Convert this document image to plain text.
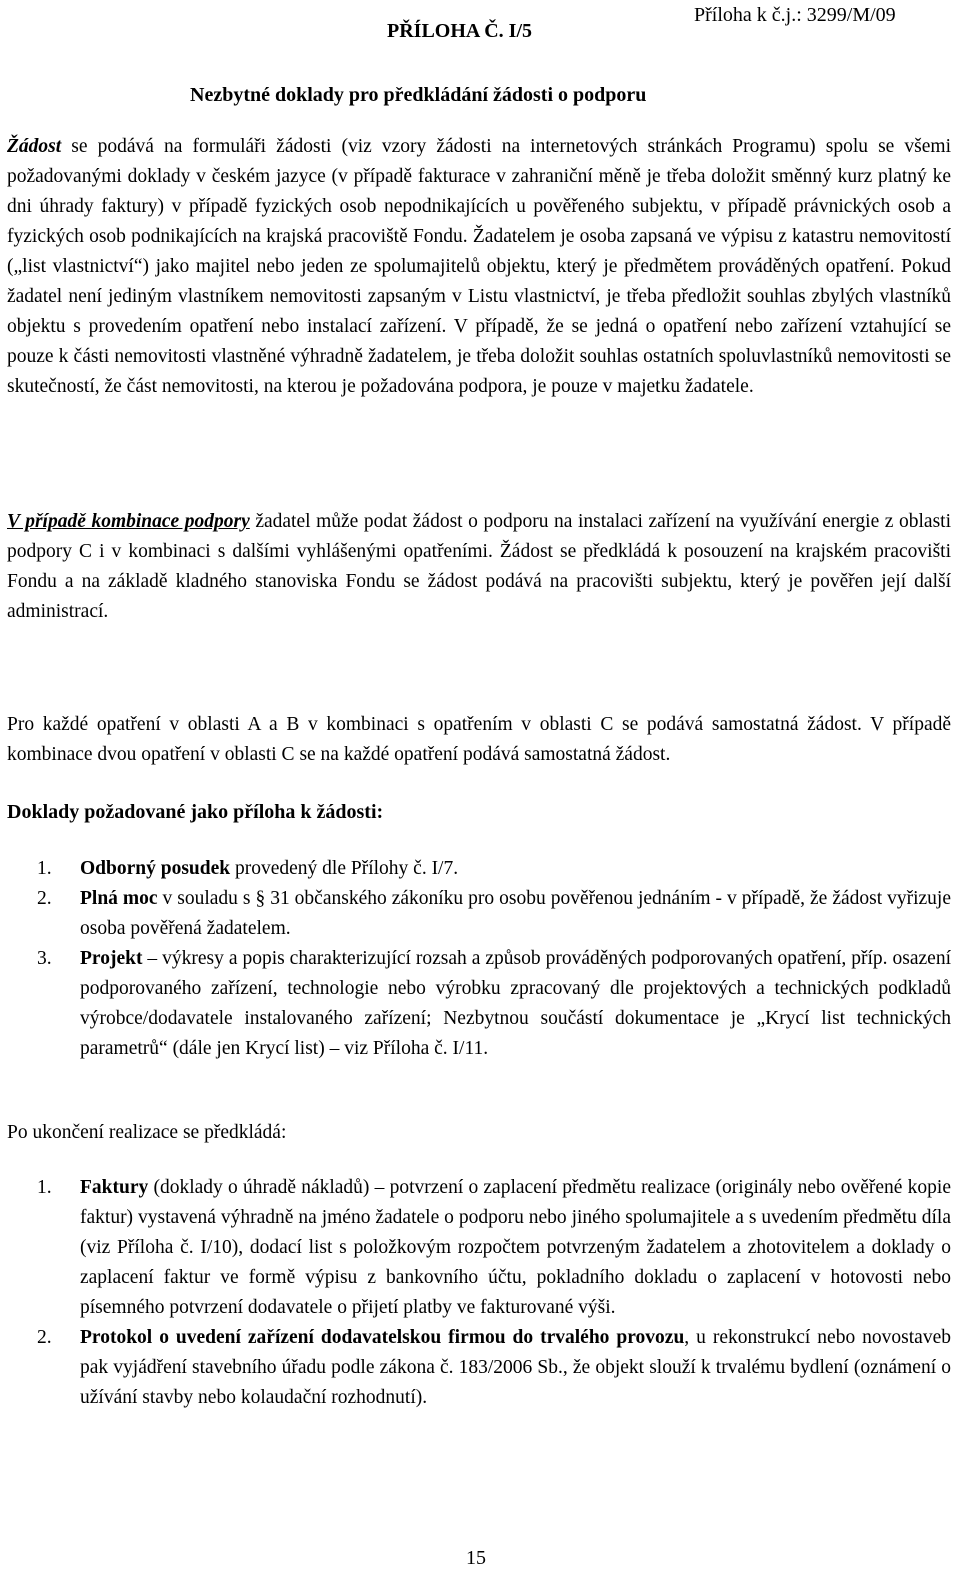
PŘÍLOHA Č. I/5
Příloha k č.j.: 3299/M/09
Nezbytné doklady pro předkládání žádosti o podporu
Žádost se podává na formuláři žádosti (viz vzory žádosti na internetových stránkách Programu) spolu se všemi požadovanými doklady v českém jazyce (v případě fakturace v zahraniční měně je třeba doložit směnný kurz platný ke dni úhrady faktury) v případě fyzických osob nepodnikajících u pověřeného subjektu, v případě právnických osob a fyzických osob podnikajících na krajská pracoviště Fondu. Žadatelem je osoba zapsaná ve výpisu z katastru nemovitostí („list vlastnictví“) jako majitel nebo jeden ze spolumajitelů objektu, který je předmětem prováděných opatření. Pokud žadatel není jediným vlastníkem nemovitosti zapsaným v Listu vlastnictví, je třeba předložit souhlas zbylých vlastníků objektu s provedením opatření nebo instalací zařízení. V případě, že se jedná o opatření nebo zařízení vztahující se pouze k části nemovitosti vlastněné výhradně žadatelem, je třeba doložit souhlas ostatních spoluvlastníků nemovitosti se skutečností, že část nemovitosti, na kterou je požadována podpora, je pouze v majetku žadatele.
V případě kombinace podpory žadatel může podat žádost o podporu na instalaci zařízení na využívání energie z oblasti podpory C i v kombinaci s dalšími vyhlášenými opatřeními. Žádost se předkládá k posouzení na krajském pracovišti Fondu a na základě kladného stanoviska Fondu se žádost podává na pracovišti subjektu, který je pověřen její další administrací.
Pro každé opatření v oblasti A a B v kombinaci s opatřením v oblasti C se podává samostatná žádost. V případě kombinace dvou opatření v oblasti C se na každé opatření podává samostatná žádost.
Doklady požadované jako příloha k žádosti:
1. Odborný posudek provedený dle Přílohy č. I/7.
2. Plná moc v souladu s § 31 občanského zákoníku pro osobu pověřenou jednáním - v případě, že žádost vyřizuje osoba pověřená žadatelem.
3. Projekt – výkresy a popis charakterizující rozsah a způsob prováděných podporovaných opatření, příp. osazení podporovaného zařízení, technologie nebo výrobku zpracovaný dle projektových a technických podkladů výrobce/dodavatele instalovaného zařízení; Nezbytnou součástí dokumentace je „Krycí list technických parametrů“ (dále jen Krycí list) – viz Příloha č. I/11.
Po ukončení realizace se předkládá:
1. Faktury (doklady o úhradě nákladů) – potvrzení o zaplacení předmětu realizace (originály nebo ověřené kopie faktur) vystavená výhradně na jméno žadatele o podporu nebo jiného spolumajitele a s uvedením předmětu díla (viz Příloha č. I/10), dodací list s položkovým rozpočtem potvrzeným žadatelem a zhotovitelem a doklady o zaplacení faktur ve formě výpisu z bankovního účtu, pokladního dokladu o zaplacení v hotovosti nebo písemného potvrzení dodavatele o přijetí platby ve fakturované výši.
2. Protokol o uvedení zařízení dodavatelskou firmou do trvalého provozu, u rekonstrukcí nebo novostaveb pak vyjádření stavebního úřadu podle zákona č. 183/2006 Sb., že objekt slouží k trvalému bydlení (oznámení o užívání stavby nebo kolaudační rozhodnutí).
15
